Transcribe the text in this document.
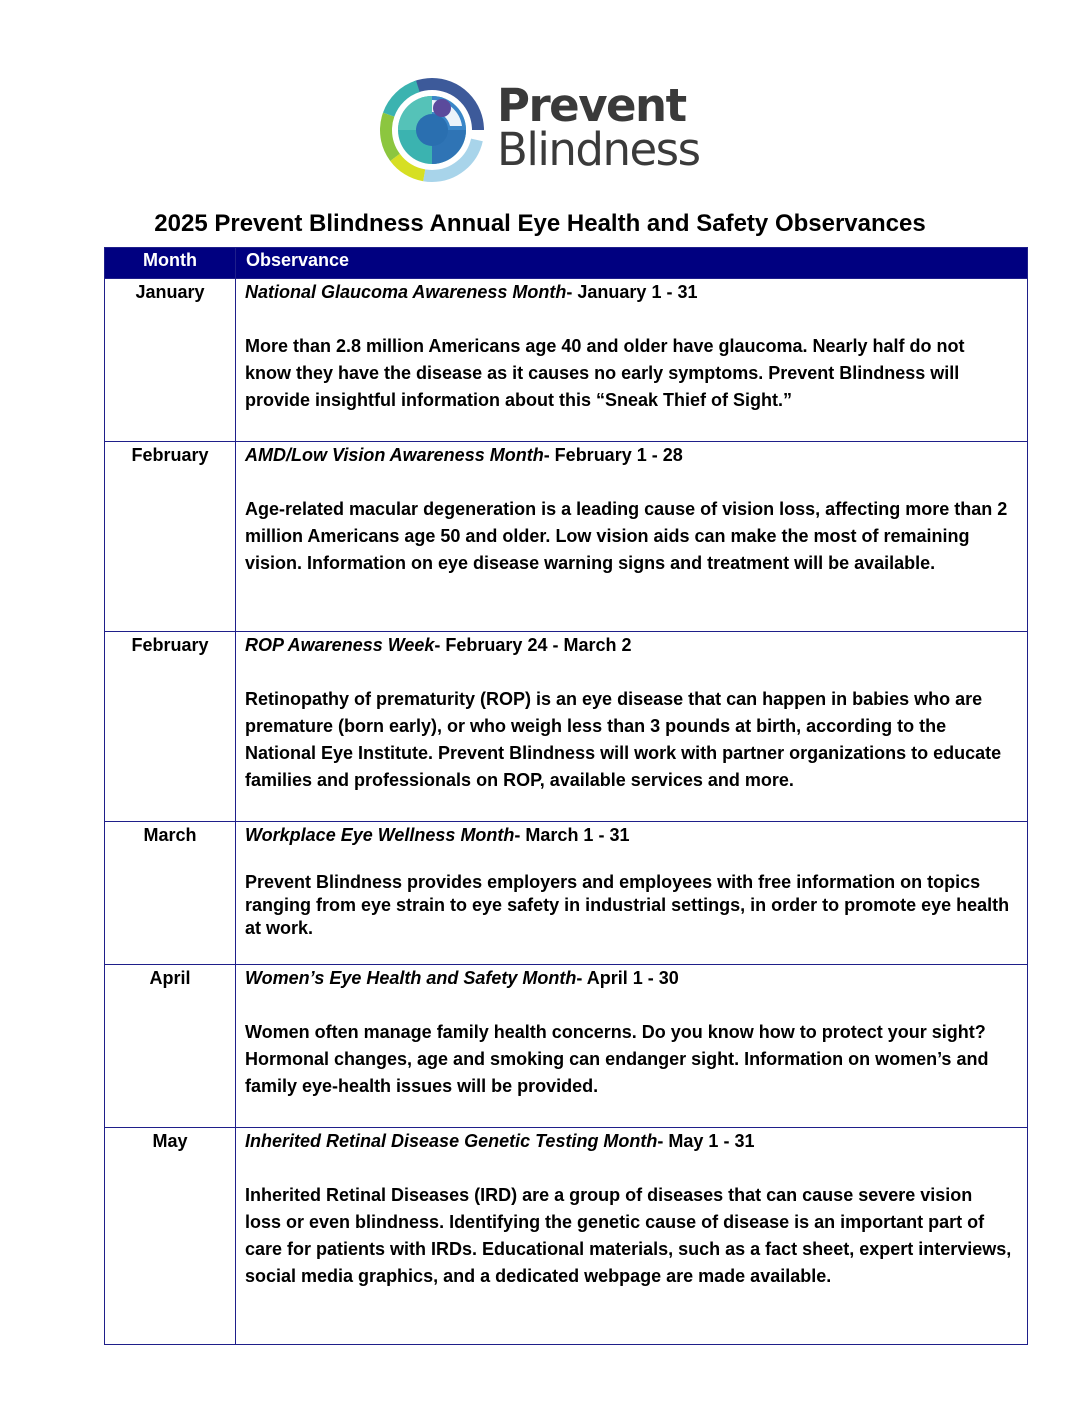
Prevent
Blindness
2025 Prevent Blindness Annual Eye Health and Safety Observances
Month	Observance

January	National Glaucoma Awareness Month- January 1 - 31
More than 2.8 million Americans age 40 and older have glaucoma. Nearly half do not know they have the disease as it causes no early symptoms. Prevent Blindness will provide insightful information about this “Sneak Thief of Sight.”

February	AMD/Low Vision Awareness Month- February 1 - 28
Age-related macular degeneration is a leading cause of vision loss, affecting more than 2 million Americans age 50 and older. Low vision aids can make the most of remaining vision. Information on eye disease warning signs and treatment will be available.

February	ROP Awareness Week- February 24 - March 2
Retinopathy of prematurity (ROP) is an eye disease that can happen in babies who are premature (born early), or who weigh less than 3 pounds at birth, according to the National Eye Institute. Prevent Blindness will work with partner organizations to educate families and professionals on ROP, available services and more.

March	Workplace Eye Wellness Month- March 1 - 31
Prevent Blindness provides employers and employees with free information on topics ranging from eye strain to eye safety in industrial settings, in order to promote eye health at work.

April	Women’s Eye Health and Safety Month- April 1 - 30
Women often manage family health concerns. Do you know how to protect your sight? Hormonal changes, age and smoking can endanger sight. Information on women’s and family eye-health issues will be provided.

May	Inherited Retinal Disease Genetic Testing Month- May 1 - 31
Inherited Retinal Diseases (IRD) are a group of diseases that can cause severe vision loss or even blindness. Identifying the genetic cause of disease is an important part of care for patients with IRDs. Educational materials, such as a fact sheet, expert interviews, social media graphics, and a dedicated webpage are made available.
